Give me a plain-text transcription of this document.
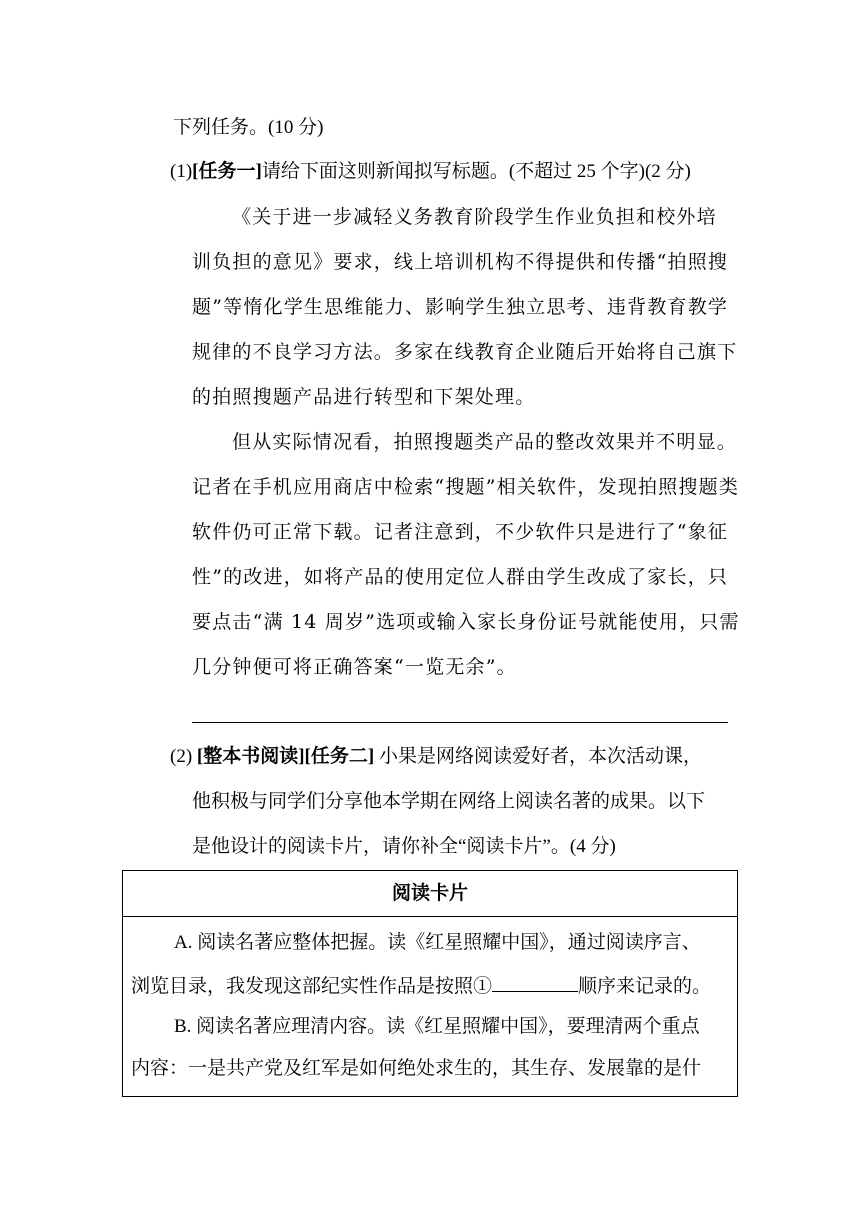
下列任务。(10 分)
(1)[任务一]请给下面这则新闻拟写标题。(不超过 25 个字)(2 分)
《关于进一步减轻义务教育阶段学生作业负担和校外培
训负担的意见》要求，线上培训机构不得提供和传播“拍照搜
题”等惰化学生思维能力、影响学生独立思考、违背教育教学
规律的不良学习方法。多家在线教育企业随后开始将自己旗下
的拍照搜题产品进行转型和下架处理。
但从实际情况看，拍照搜题类产品的整改效果并不明显。
记者在手机应用商店中检索“搜题”相关软件，发现拍照搜题类
软件仍可正常下载。记者注意到，不少软件只是进行了“象征
性”的改进，如将产品的使用定位人群由学生改成了家长，只
要点击“满 14 周岁”选项或输入家长身份证号就能使用，只需
几分钟便可将正确答案“一览无余”。
(2) [整本书阅读][任务二] 小果是网络阅读爱好者，本次活动课，
他积极与同学们分享他本学期在网络上阅读名著的成果。以下
是他设计的阅读卡片，请你补全“阅读卡片”。(4 分)
阅读卡片
A. 阅读名著应整体把握。读《红星照耀中国》，通过阅读序言、
浏览目录，我发现这部纪实性作品是按照①	顺序来记录的。
B. 阅读名著应理清内容。读《红星照耀中国》，要理清两个重点
内容：一是共产党及红军是如何绝处求生的，其生存、发展靠的是什
